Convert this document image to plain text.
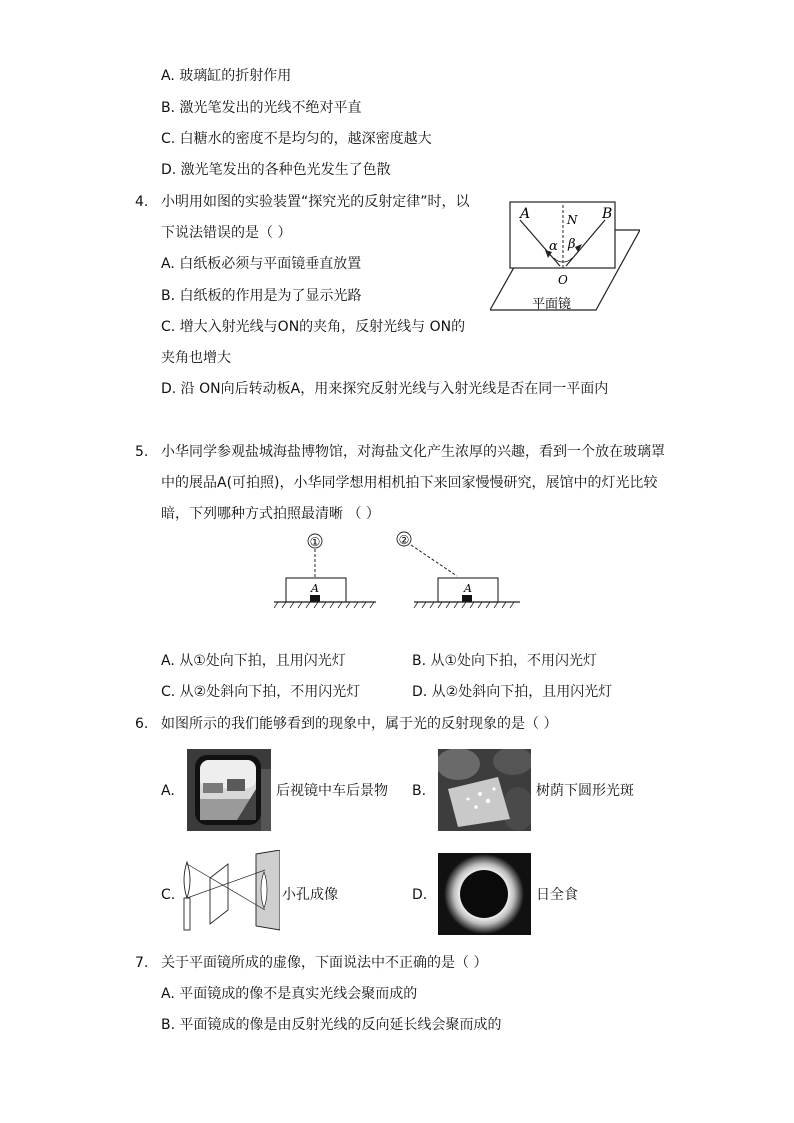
A. 玻璃缸的折射作用
B. 激光笔发出的光线不绝对平直
C. 白糖水的密度不是均匀的，越深密度越大
D. 激光笔发出的各种色光发生了色散
4. 小明用如图的实验装置“探究光的反射定律”时，以
下说法错误的是（ ）
A. 白纸板必须与平面镜垂直放置
B. 白纸板的作用是为了显示光路
C. 增大入射光线与ON的夹角，反射光线与 ON的
夹角也增大
D. 沿 ON向后转动板A，用来探究反射光线与入射光线是否在同一平面内
A	N B
α β
O
平面镜
5. 小华同学参观盐城海盐博物馆，对海盐文化产生浓厚的兴趣，看到一个放在玻璃罩
中的展品A(可拍照)，小华同学想用相机拍下来回家慢慢研究，展馆中的灯光比较
暗，下列哪种方式拍照最清晰 （ ）
①
A
②
A
A. 从①处向下拍，且用闪光灯	B. 从①处向下拍，不用闪光灯
C. 从②处斜向下拍，不用闪光灯	D. 从②处斜向下拍，且用闪光灯
6. 如图所示的我们能够看到的现象中，属于光的反射现象的是（ ）
A.	后视镜中车后景物 B.	树荫下圆形光斑
C.	小孔成像	D.	日全食
7. 关于平面镜所成的虚像，下面说法中不正确的是（ ）
A. 平面镜成的像不是真实光线会聚而成的
B. 平面镜成的像是由反射光线的反向延长线会聚而成的
